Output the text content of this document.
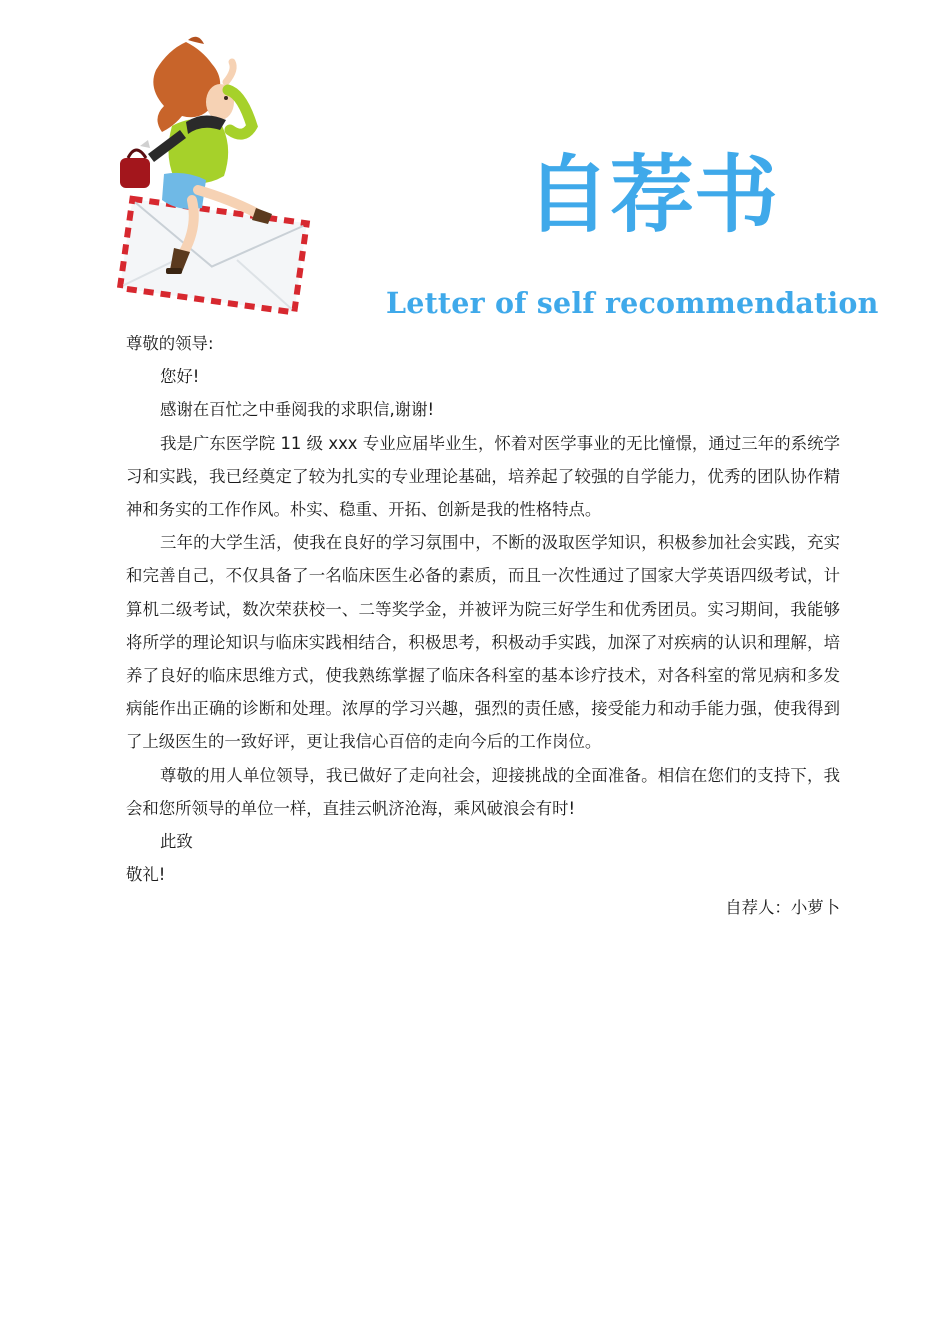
自荐书
Letter of self recommendation

尊敬的领导:

您好!

感谢在百忙之中垂阅我的求职信,谢谢!

我是广东医学院 11 级 xxx 专业应届毕业生，怀着对医学事业的无比憧憬，通过三年的系统学习和实践，我已经奠定了较为扎实的专业理论基础，培养起了较强的自学能力，优秀的团队协作精神和务实的工作作风。朴实、稳重、开拓、创新是我的性格特点。

三年的大学生活，使我在良好的学习氛围中，不断的汲取医学知识，积极参加社会实践，充实和完善自己，不仅具备了一名临床医生必备的素质，而且一次性通过了国家大学英语四级考试，计算机二级考试，数次荣获校一、二等奖学金，并被评为院三好学生和优秀团员。实习期间，我能够将所学的理论知识与临床实践相结合，积极思考，积极动手实践，加深了对疾病的认识和理解，培养了良好的临床思维方式，使我熟练掌握了临床各科室的基本诊疗技术，对各科室的常见病和多发病能作出正确的诊断和处理。浓厚的学习兴趣，强烈的责任感，接受能力和动手能力强，使我得到了上级医生的一致好评，更让我信心百倍的走向今后的工作岗位。

尊敬的用人单位领导，我已做好了走向社会，迎接挑战的全面准备。相信在您们的支持下，我会和您所领导的单位一样，直挂云帆济沧海，乘风破浪会有时!

此致

敬礼!

自荐人：小萝卜
